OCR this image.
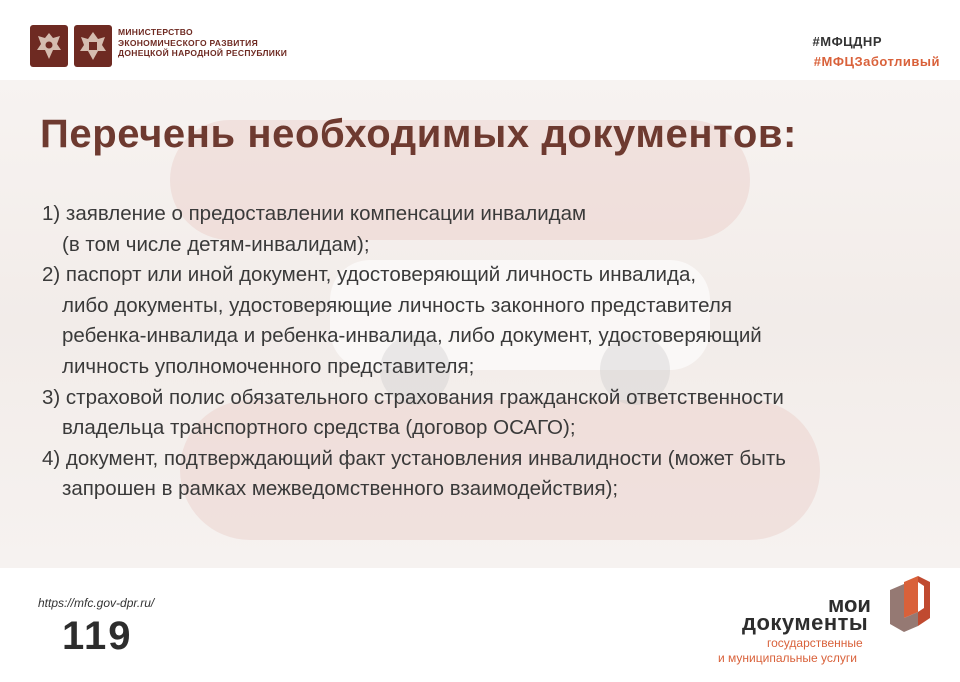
МИНИСТЕРСТВО
ЭКОНОМИЧЕСКОГО РАЗВИТИЯ
ДОНЕЦКОЙ НАРОДНОЙ РЕСПУБЛИКИ
#МФЦДНР
#МФЦЗаботливый
Перечень необходимых документов:
1) заявление о предоставлении компенсации инвалидам
(в том числе детям-инвалидам);
2) паспорт или иной документ, удостоверяющий личность инвалида,
либо документы, удостоверяющие личность законного представителя
ребенка-инвалида и ребенка-инвалида, либо документ, удостоверяющий
личность уполномоченного представителя;
3) страховой полис обязательного страхования гражданской ответственности
владельца транспортного средства (договор ОСАГО);
4) документ, подтверждающий факт установления инвалидности (может быть
запрошен в рамках межведомственного взаимодействия);
https://mfc.gov-dpr.ru/
119
мои
документы
государственные
и муниципальные услуги
